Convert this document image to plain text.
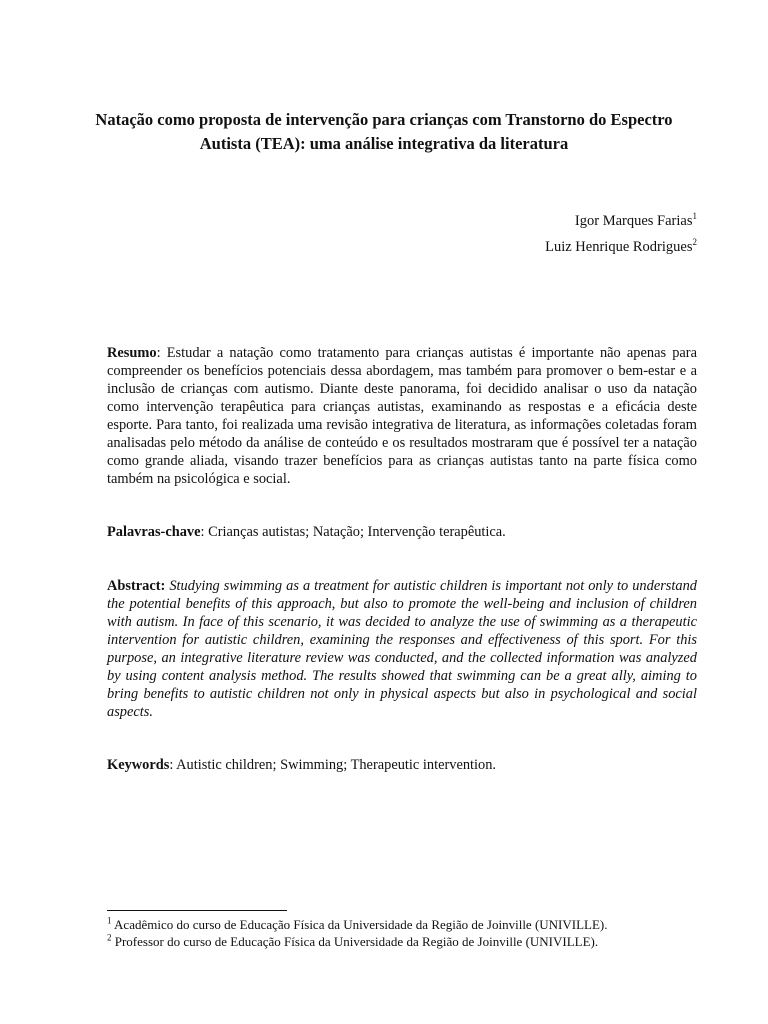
Natação como proposta de intervenção para crianças com Transtorno do Espectro Autista (TEA): uma análise integrativa da literatura
Igor Marques Farias$^1$
Luiz Henrique Rodrigues$^2$
Resumo: Estudar a natação como tratamento para crianças autistas é importante não apenas para compreender os benefícios potenciais dessa abordagem, mas também para promover o bem-estar e a inclusão de crianças com autismo. Diante deste panorama, foi decidido analisar o uso da natação como intervenção terapêutica para crianças autistas, examinando as respostas e a eficácia deste esporte. Para tanto, foi realizada uma revisão integrativa de literatura, as informações coletadas foram analisadas pelo método da análise de conteúdo e os resultados mostraram que é possível ter a natação como grande aliada, visando trazer benefícios para as crianças autistas tanto na parte física como também na psicológica e social.
Palavras-chave: Crianças autistas; Natação; Intervenção terapêutica.
Abstract: Studying swimming as a treatment for autistic children is important not only to understand the potential benefits of this approach, but also to promote the well-being and inclusion of children with autism. In face of this scenario, it was decided to analyze the use of swimming as a therapeutic intervention for autistic children, examining the responses and effectiveness of this sport. For this purpose, an integrative literature review was conducted, and the collected information was analyzed by using content analysis method. The results showed that swimming can be a great ally, aiming to bring benefits to autistic children not only in physical aspects but also in psychological and social aspects.
Keywords: Autistic children; Swimming; Therapeutic intervention.
$^1$ Acadêmico do curso de Educação Física da Universidade da Região de Joinville (UNIVILLE).
$^2$ Professor do curso de Educação Física da Universidade da Região de Joinville (UNIVILLE).
